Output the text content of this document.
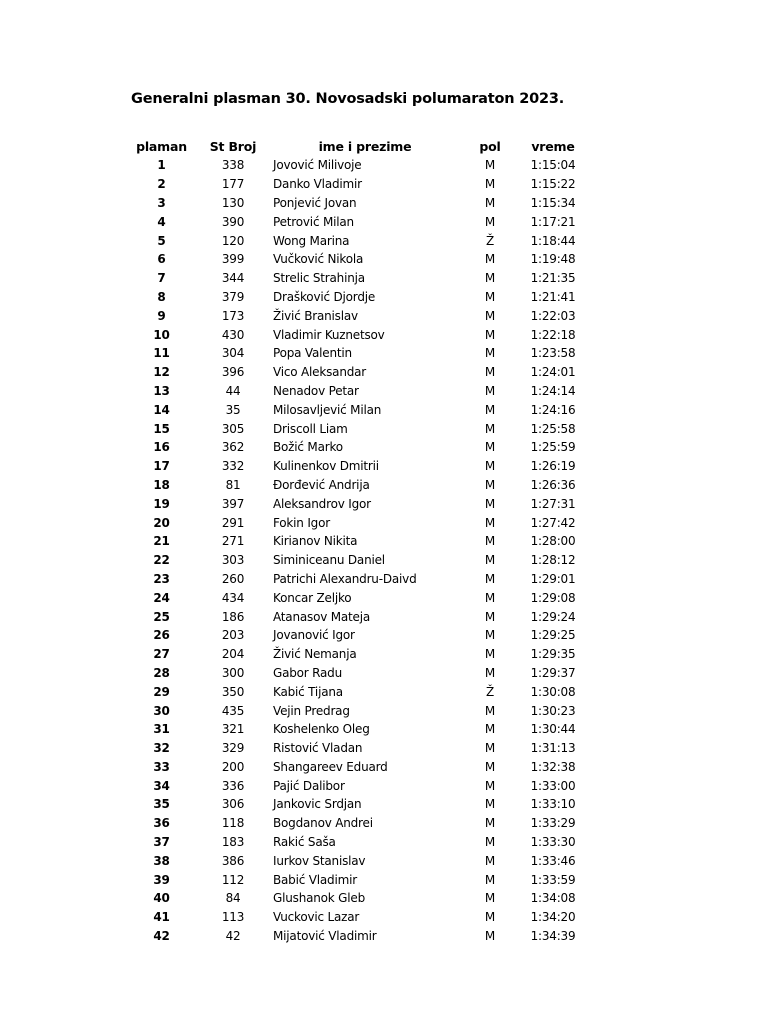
Generalni plasman 30. Novosadski polumaraton 2023.
plaman	St Broj	ime i prezime	pol	vreme
1	338	Jovović Milivoje	M	1:15:04
2	177	Danko Vladimir	M	1:15:22
3	130	Ponjević Jovan	M	1:15:34
4	390	Petrović Milan	M	1:17:21
5	120	Wong Marina	Ž	1:18:44
6	399	Vučković Nikola	M	1:19:48
7	344	Strelic Strahinja	M	1:21:35
8	379	Drašković Djordje	M	1:21:41
9	173	Živić Branislav	M	1:22:03
10	430	Vladimir Kuznetsov	M	1:22:18
11	304	Popa Valentin	M	1:23:58
12	396	Vico Aleksandar	M	1:24:01
13	44	Nenadov Petar	M	1:24:14
14	35	Milosavljević Milan	M	1:24:16
15	305	Driscoll Liam	M	1:25:58
16	362	Božić Marko	M	1:25:59
17	332	Kulinenkov Dmitrii	M	1:26:19
18	81	Đorđević Andrija	M	1:26:36
19	397	Aleksandrov Igor	M	1:27:31
20	291	Fokin Igor	M	1:27:42
21	271	Kirianov Nikita	M	1:28:00
22	303	Siminiceanu Daniel	M	1:28:12
23	260	Patrichi Alexandru-Daivd	M	1:29:01
24	434	Koncar Zeljko	M	1:29:08
25	186	Atanasov Mateja	M	1:29:24
26	203	Jovanović Igor	M	1:29:25
27	204	Živić Nemanja	M	1:29:35
28	300	Gabor Radu	M	1:29:37
29	350	Kabić Tijana	Ž	1:30:08
30	435	Vejin Predrag	M	1:30:23
31	321	Koshelenko Oleg	M	1:30:44
32	329	Ristović Vladan	M	1:31:13
33	200	Shangareev Eduard	M	1:32:38
34	336	Pajić Dalibor	M	1:33:00
35	306	Jankovic Srdjan	M	1:33:10
36	118	Bogdanov Andrei	M	1:33:29
37	183	Rakić Saša	M	1:33:30
38	386	Iurkov Stanislav	M	1:33:46
39	112	Babić Vladimir	M	1:33:59
40	84	Glushanok Gleb	M	1:34:08
41	113	Vuckovic Lazar	M	1:34:20
42	42	Mijatović Vladimir	M	1:34:39
